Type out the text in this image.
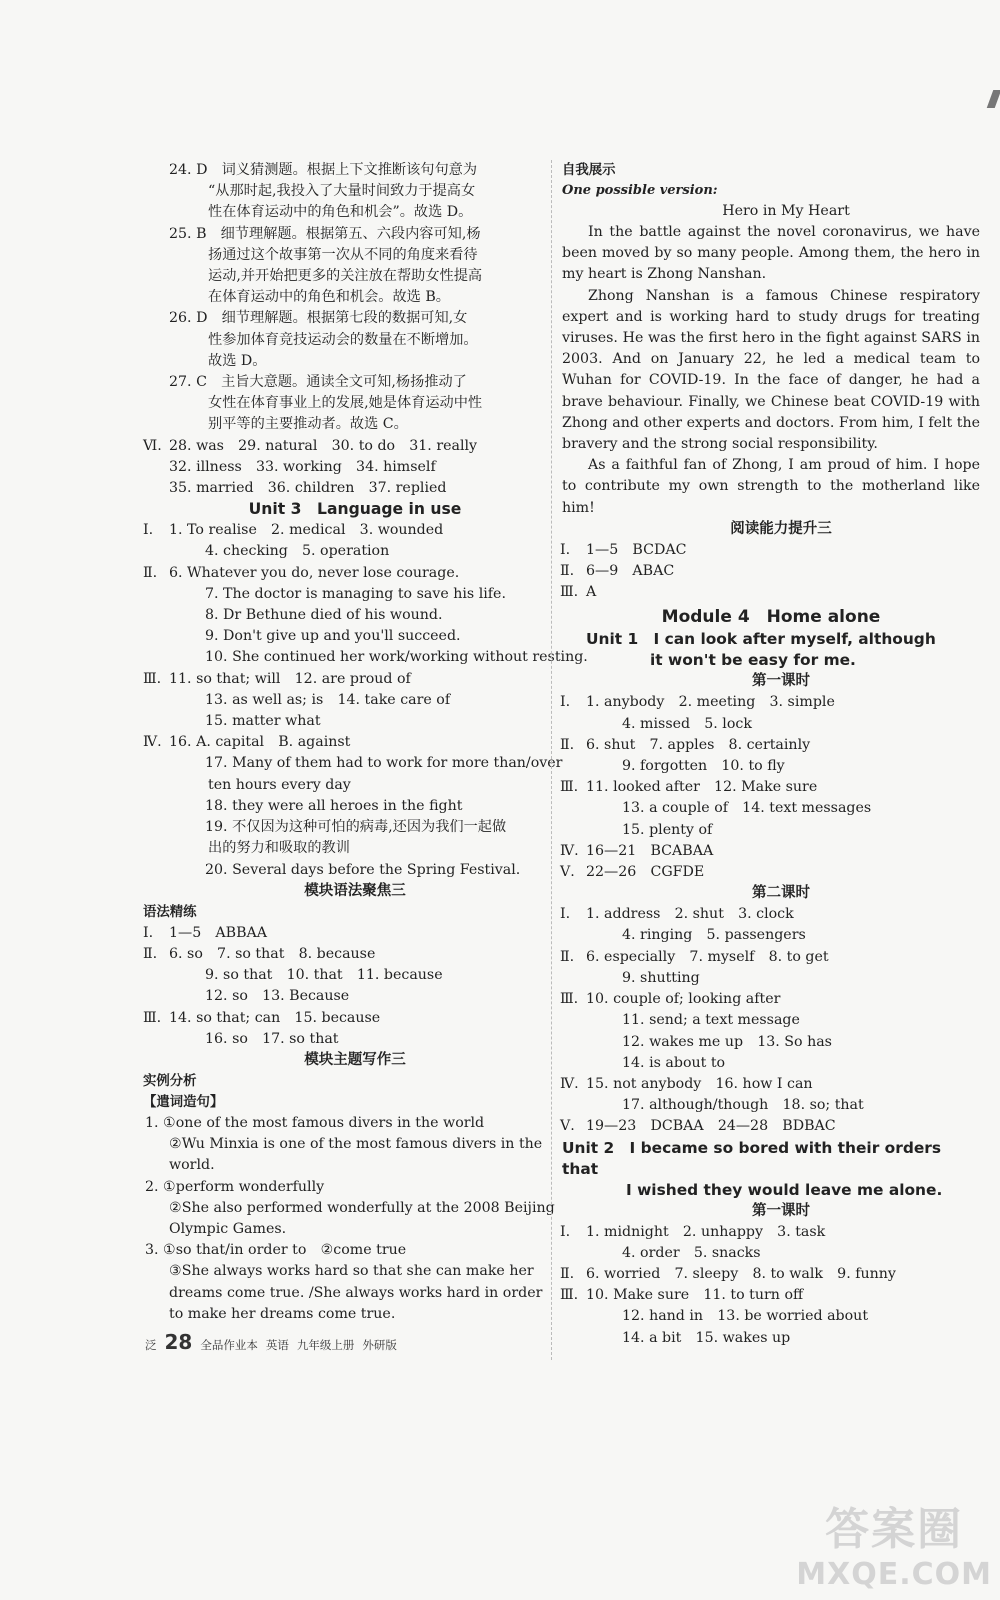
24. D　词义猜测题。根据上下文推断该句句意为
“从那时起,我投入了大量时间致力于提高女
性在体育运动中的角色和机会”。故选 D。
25. B　细节理解题。根据第五、六段内容可知,杨
扬通过这个故事第一次从不同的角度来看待
运动,并开始把更多的关注放在帮助女性提高
在体育运动中的角色和机会。故选 B。
26. D　细节理解题。根据第七段的数据可知,女
性参加体育竞技运动会的数量在不断增加。
故选 D。
27. C　主旨大意题。通读全文可知,杨扬推动了
女性在体育事业上的发展,她是体育运动中性
别平等的主要推动者。故选 C。
Ⅵ. 28. was　29. natural　30. to do　31. really
32. illness　33. working　34. himself
35. married　36. children　37. replied
Unit 3　Language in use
Ⅰ. 1. To realise　2. medical　3. wounded
4. checking　5. operation
Ⅱ. 6. Whatever you do, never lose courage.
7. The doctor is managing to save his life.
8. Dr Bethune died of his wound.
9. Don't give up and you'll succeed.
10. She continued her work/working without resting.
Ⅲ. 11. so that; will　12. are proud of
13. as well as; is　14. take care of
15. matter what
Ⅳ. 16. A. capital　B. against
17. Many of them had to work for more than/over
ten hours every day
18. they were all heroes in the fight
19. 不仅因为这种可怕的病毒,还因为我们一起做
出的努力和吸取的教训
20. Several days before the Spring Festival.
模块语法聚焦三
语法精练
Ⅰ. 1—5　ABBAA
Ⅱ. 6. so　7. so that　8. because
9. so that　10. that　11. because
12. so　13. Because
Ⅲ. 14. so that; can　15. because
16. so　17. so that
模块主题写作三
实例分析
【遣词造句】
1. ①one of the most famous divers in the world
②Wu Minxia is one of the most famous divers in the
world.
2. ①perform wonderfully
②She also performed wonderfully at the 2008 Beijing
Olympic Games.
3. ①so that/in order to　②come true
③She always works hard so that she can make her
dreams come true. /She always works hard in order
to make her dreams come true.
自我展示
One possible version:
Hero in My Heart
In the battle against the novel coronavirus, we have been moved by so many people. Among them, the hero in my heart is Zhong Nanshan.
Zhong Nanshan is a famous Chinese respiratory expert and is working hard to study drugs for treating viruses. He was the first hero in the fight against SARS in 2003. And on January 22, he led a medical team to Wuhan for COVID-19. In the face of danger, he had a brave behaviour. Finally, we Chinese beat COVID-19 with Zhong and other experts and doctors. From him, I felt the bravery and the strong social responsibility.
As a faithful fan of Zhong, I am proud of him. I hope to contribute my own strength to the motherland like him!
阅读能力提升三
Ⅰ. 1—5　BCDAC
Ⅱ. 6—9　ABAC
Ⅲ. A
Module 4　Home alone
Unit 1　I can look after myself, although
it won't be easy for me.
第一课时
Ⅰ. 1. anybody　2. meeting　3. simple
4. missed　5. lock
Ⅱ. 6. shut　7. apples　8. certainly
9. forgotten　10. to fly
Ⅲ. 11. looked after　12. Make sure
13. a couple of　14. text messages
15. plenty of
Ⅳ. 16—21　BCABAA
Ⅴ. 22—26　CGFDE
第二课时
Ⅰ. 1. address　2. shut　3. clock
4. ringing　5. passengers
Ⅱ. 6. especially　7. myself　8. to get
9. shutting
Ⅲ. 10. couple of; looking after
11. send; a text message
12. wakes me up　13. So has
14. is about to
Ⅳ. 15. not anybody　16. how I can
17. although/though　18. so; that
Ⅴ. 19—23　DCBAA　24—28　BDBAC
Unit 2　I became so bored with their orders that
I wished they would leave me alone.
第一课时
Ⅰ. 1. midnight　2. unhappy　3. task
4. order　5. snacks
Ⅱ. 6. worried　7. sleepy　8. to walk　9. funny
Ⅲ. 10. Make sure　11. to turn off
12. hand in　13. be worried about
14. a bit　15. wakes up
泛 28 全品作业本 英语 九年级上册 外研版
答案圈
MXQE.COM
